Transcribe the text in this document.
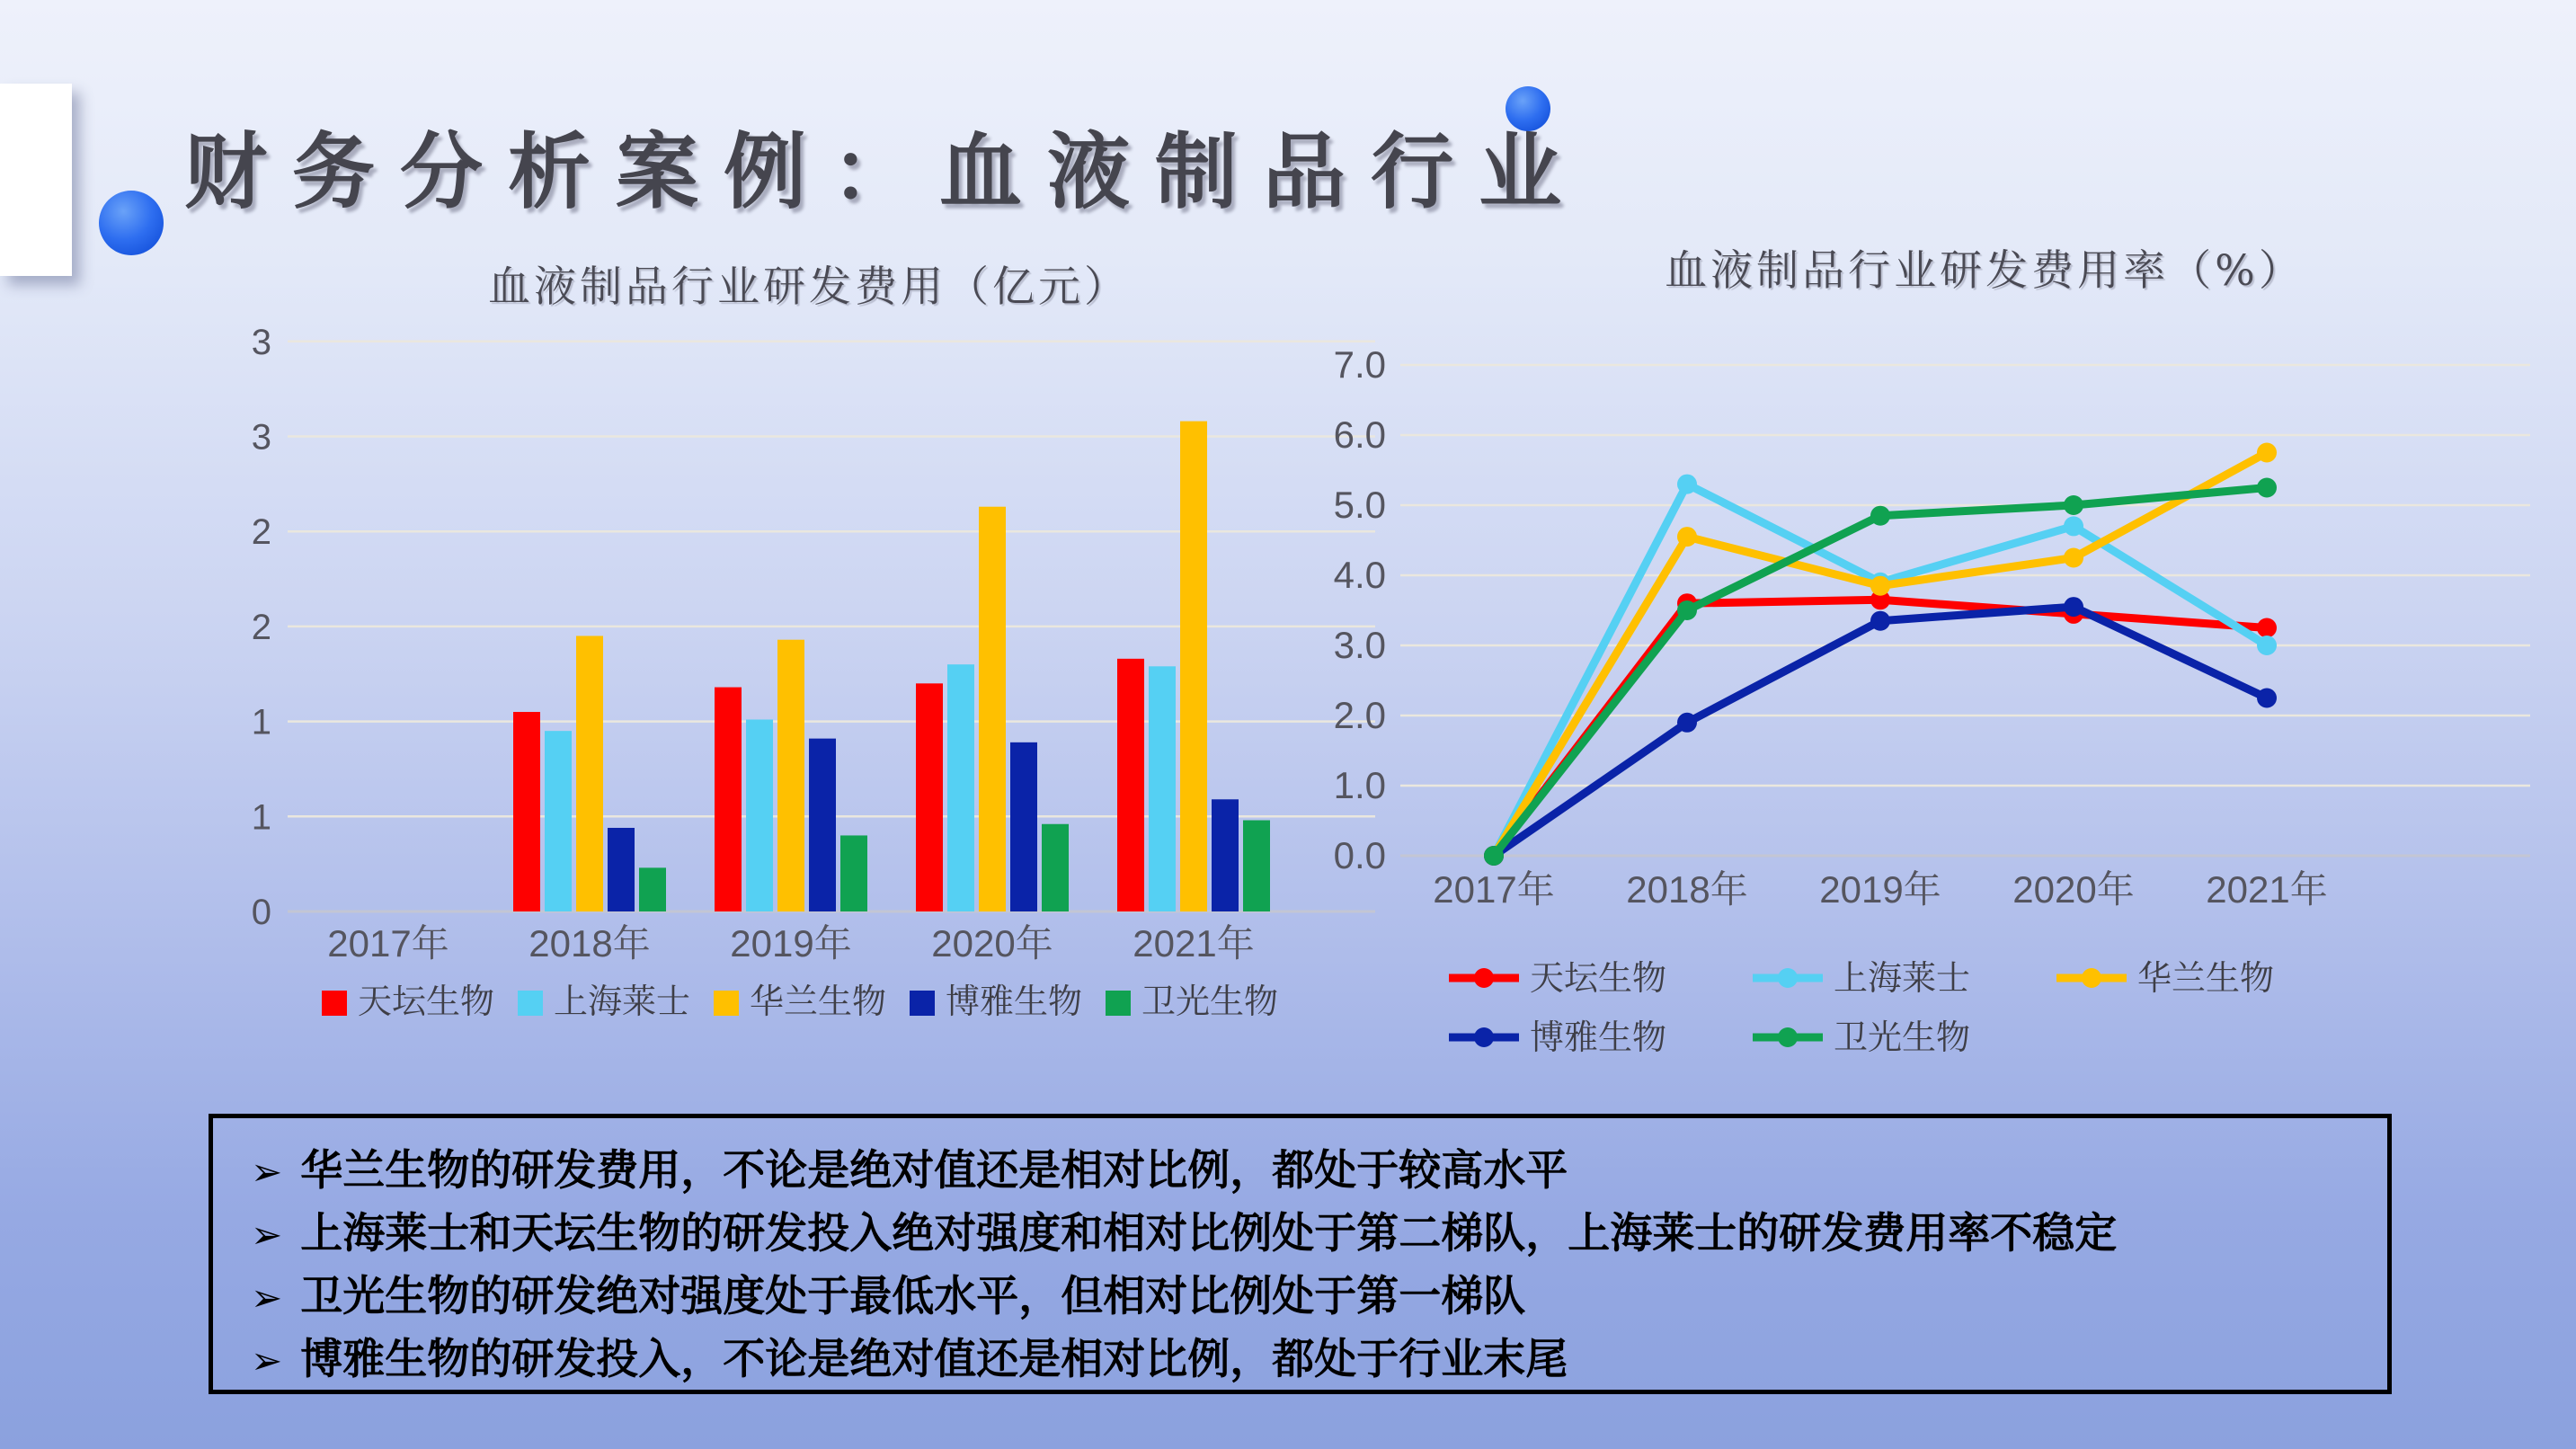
财务分析案例：血液制品行业
血液制品行业研发费用（亿元）
0
1
1
2
2
3
3
2017年 2018年 2019年 2020年 2021年
天坛生物 上海莱士 华兰生物 博雅生物 卫光生物
血液制品行业研发费用率（%）
0.0
1.0
2.0
3.0
4.0
5.0
6.0
7.0
2017年 2018年 2019年 2020年 2021年
天坛生物	上海莱士	华兰生物
博雅生物	卫光生物
➢ 华兰生物的研发费用，不论是绝对值还是相对比例，都处于较高水平
➢ 上海莱士和天坛生物的研发投入绝对强度和相对比例处于第二梯队，上海莱士的研发费用率不稳定
➢ 卫光生物的研发绝对强度处于最低水平，但相对比例处于第一梯队
➢ 博雅生物的研发投入，不论是绝对值还是相对比例，都处于行业末尾
